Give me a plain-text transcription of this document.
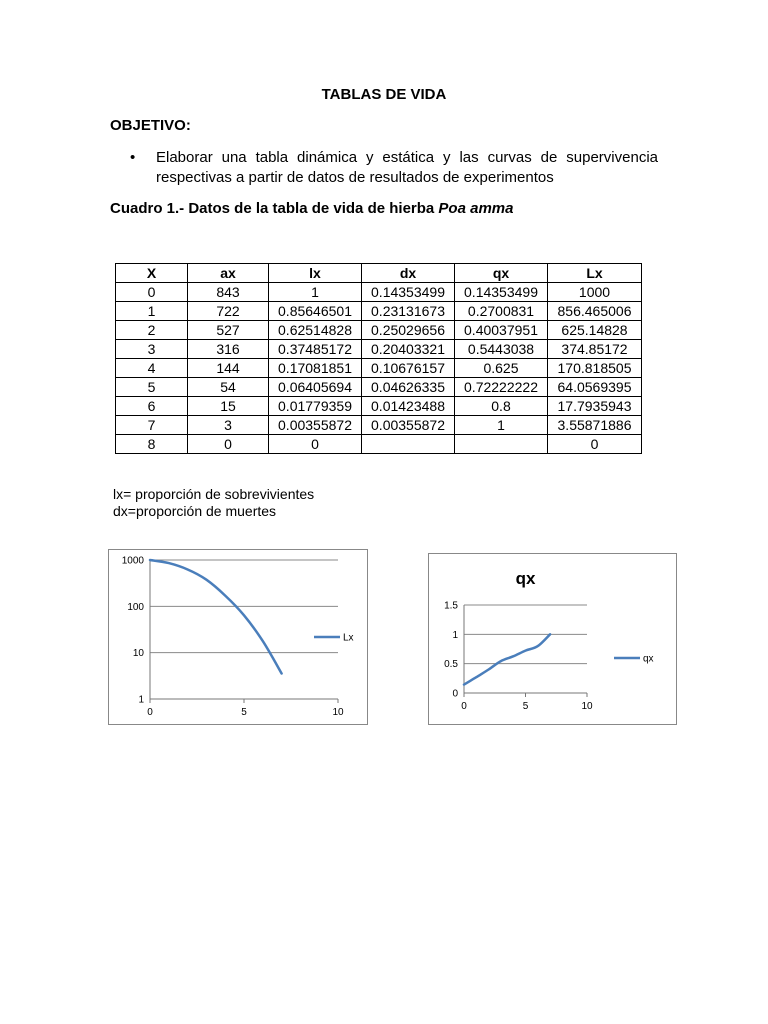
TABLAS DE VIDA
OBJETIVO:
• Elaborar una tabla dinámica y estática y las curvas de supervivencia respectivas a partir de datos de resultados de experimentos
Cuadro 1.- Datos de la tabla de vida de hierba Poa amma
X	ax	lx	dx	qx	Lx
0	843	1	0.14353499	0.14353499	1000
1	722	0.85646501	0.23131673	0.2700831	856.465006
2	527	0.62514828	0.25029656	0.40037951	625.14828
3	316	0.37485172	0.20403321	0.5443038	374.85172
4	144	0.17081851	0.10676157	0.625	170.818505
5	54	0.06405694	0.04626335	0.72222222	64.0569395
6	15	0.01779359	0.01423488	0.8	17.7935943
7	3	0.00355872	0.00355872	1	3.55871886
8	0	0			0
lx= proporción de sobrevivientes
dx=proporción de muertes
1
10
100
1000
0	5	10
Lx
0
0.5
1
1.5
0	5	10
qx
qx
